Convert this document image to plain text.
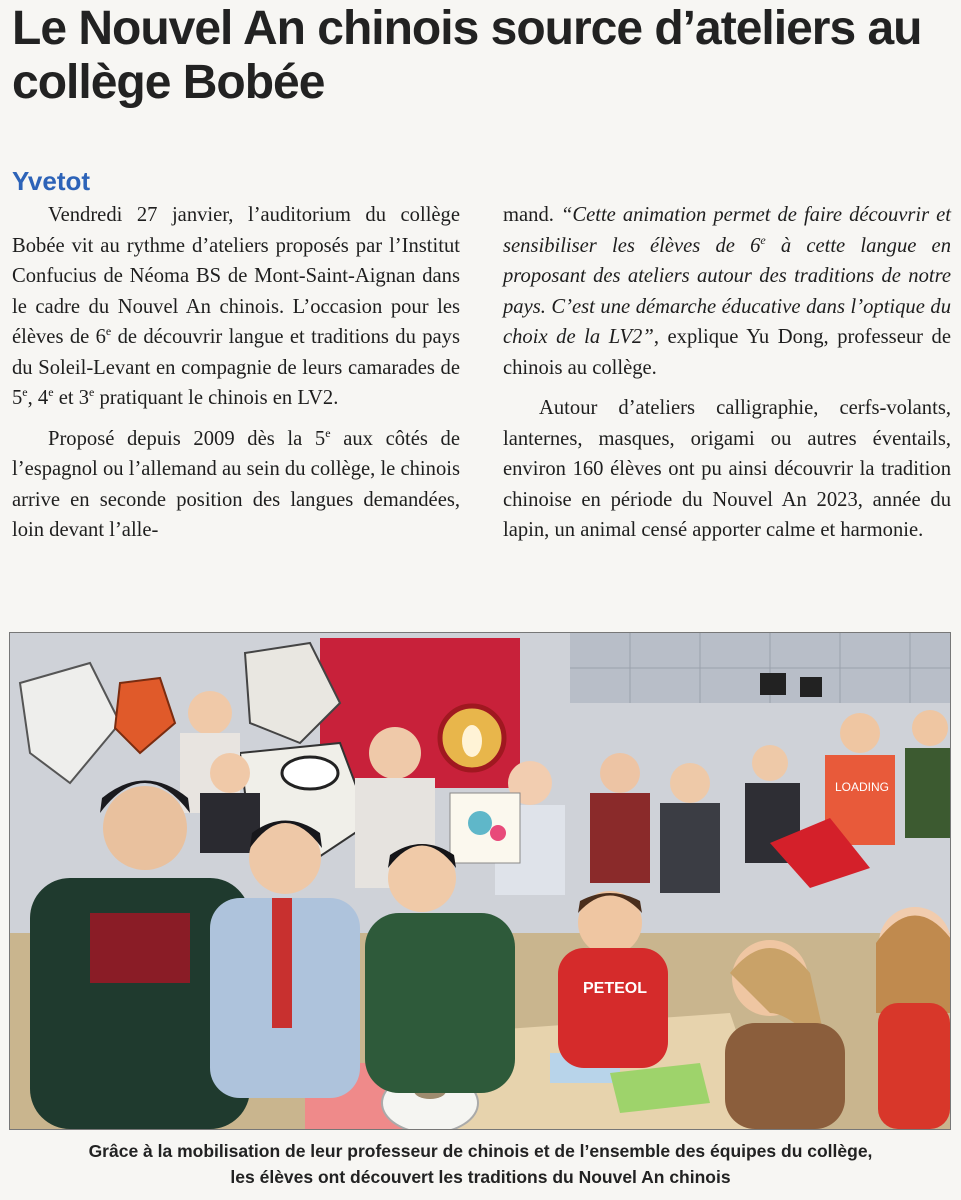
Le Nouvel An chinois source d’ateliers au collège Bobée
Yvetot

Vendredi 27 janvier, l’auditorium du collège Bobée vit au rythme d’ateliers proposés par l’Institut Confucius de Néoma BS de Mont-Saint-Aignan dans le cadre du Nouvel An chinois. L’occasion pour les élèves de 6e de découvrir langue et traditions du pays du Soleil-Levant en compagnie de leurs camarades de 5e, 4e et 3e pratiquant le chinois en LV2.

Proposé depuis 2009 dès la 5e aux côtés de l’espagnol ou l’allemand au sein du collège, le chinois arrive en seconde position des langues demandées, loin devant l’alle-

mand. “Cette animation permet de faire découvrir et sensibiliser les élèves de 6e à cette langue en proposant des ateliers autour des traditions de notre pays. C’est une démarche éducative dans l’optique du choix de la LV2”, explique Yu Dong, professeur de chinois au collège.

Autour d’ateliers calligraphie, cerfs-volants, lanternes, masques, origami ou autres éventails, environ 160 élèves ont pu ainsi découvrir la tradition chinoise en période du Nouvel An 2023, année du lapin, un animal censé apporter calme et harmonie.

LOADING
PETEOL
Grâce à la mobilisation de leur professeur de chinois et de l’ensemble des équipes du collège,
les élèves ont découvert les traditions du Nouvel An chinois
